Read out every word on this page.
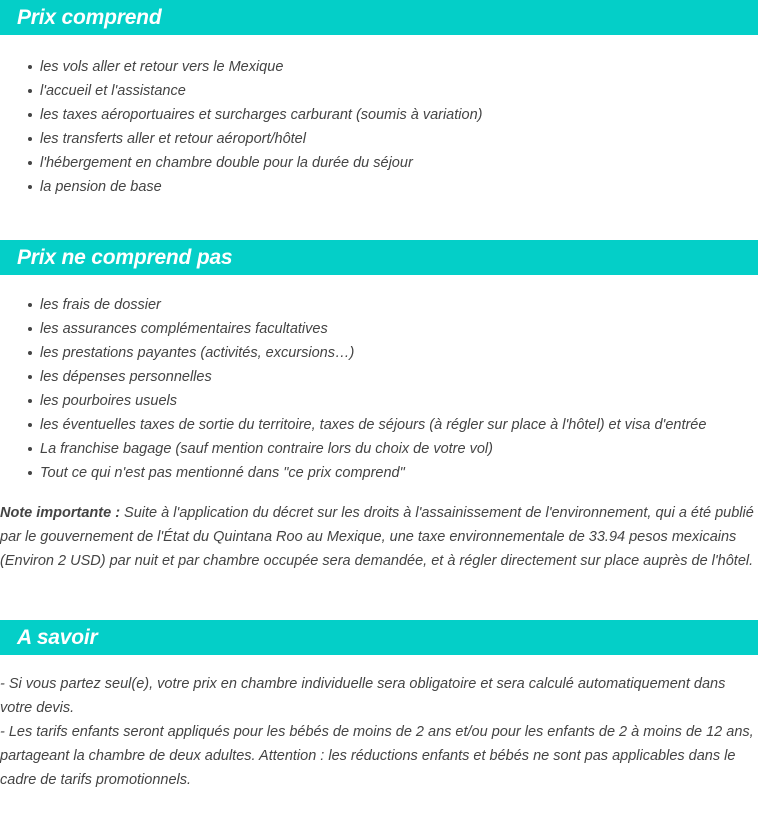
Prix comprend
les vols aller et retour vers le Mexique
l'accueil et l'assistance
les taxes aéroportuaires et surcharges carburant (soumis à variation)
les transferts aller et retour aéroport/hôtel
l'hébergement en chambre double pour la durée du séjour
la pension de base
Prix ne comprend pas
les frais de dossier
les assurances complémentaires facultatives
les prestations payantes (activités, excursions…)
les dépenses personnelles
les pourboires usuels
les éventuelles taxes de sortie du territoire, taxes de séjours (à régler sur place à l'hôtel) et visa d'entrée
La franchise bagage (sauf mention contraire lors du choix de votre vol)
Tout ce qui n'est pas mentionné dans "ce prix comprend"

Note importante : Suite à l'application du décret sur les droits à l'assainissement de l'environnement, qui a été publié par le gouvernement de l'État du Quintana Roo au Mexique, une taxe environnementale de 33.94 pesos mexicains (Environ 2 USD) par nuit et par chambre occupée sera demandée, et à régler directement sur place auprès de l'hôtel.

A savoir

- Si vous partez seul(e), votre prix en chambre individuelle sera obligatoire et sera calculé automatiquement dans votre devis.

- Les tarifs enfants seront appliqués pour les bébés de moins de 2 ans et/ou pour les enfants de 2 à moins de 12 ans, partageant la chambre de deux adultes. Attention : les réductions enfants et bébés ne sont pas applicables dans le cadre de tarifs promotionnels.
